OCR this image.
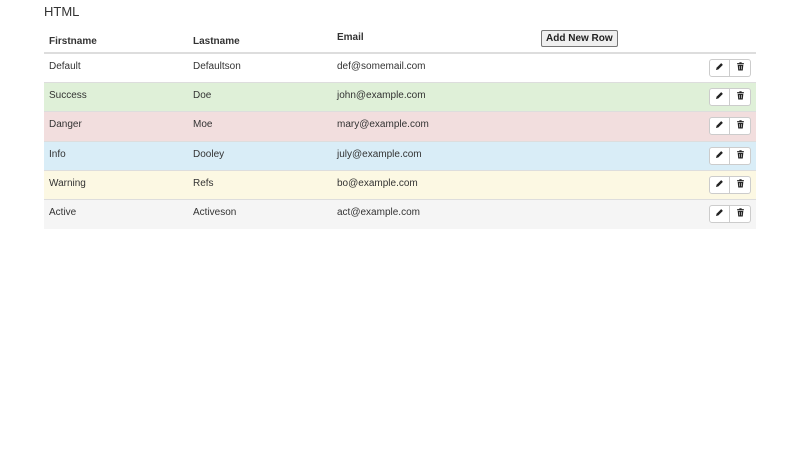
HTML
Firstname	Lastname	Email	Add New Row
Default	Defaultson	def@somemail.com	

Success	Doe	john@example.com	

Danger	Moe	mary@example.com	

Info	Dooley	july@example.com	

Warning	Refs	bo@example.com	

Active	Activeson	act@example.com	
